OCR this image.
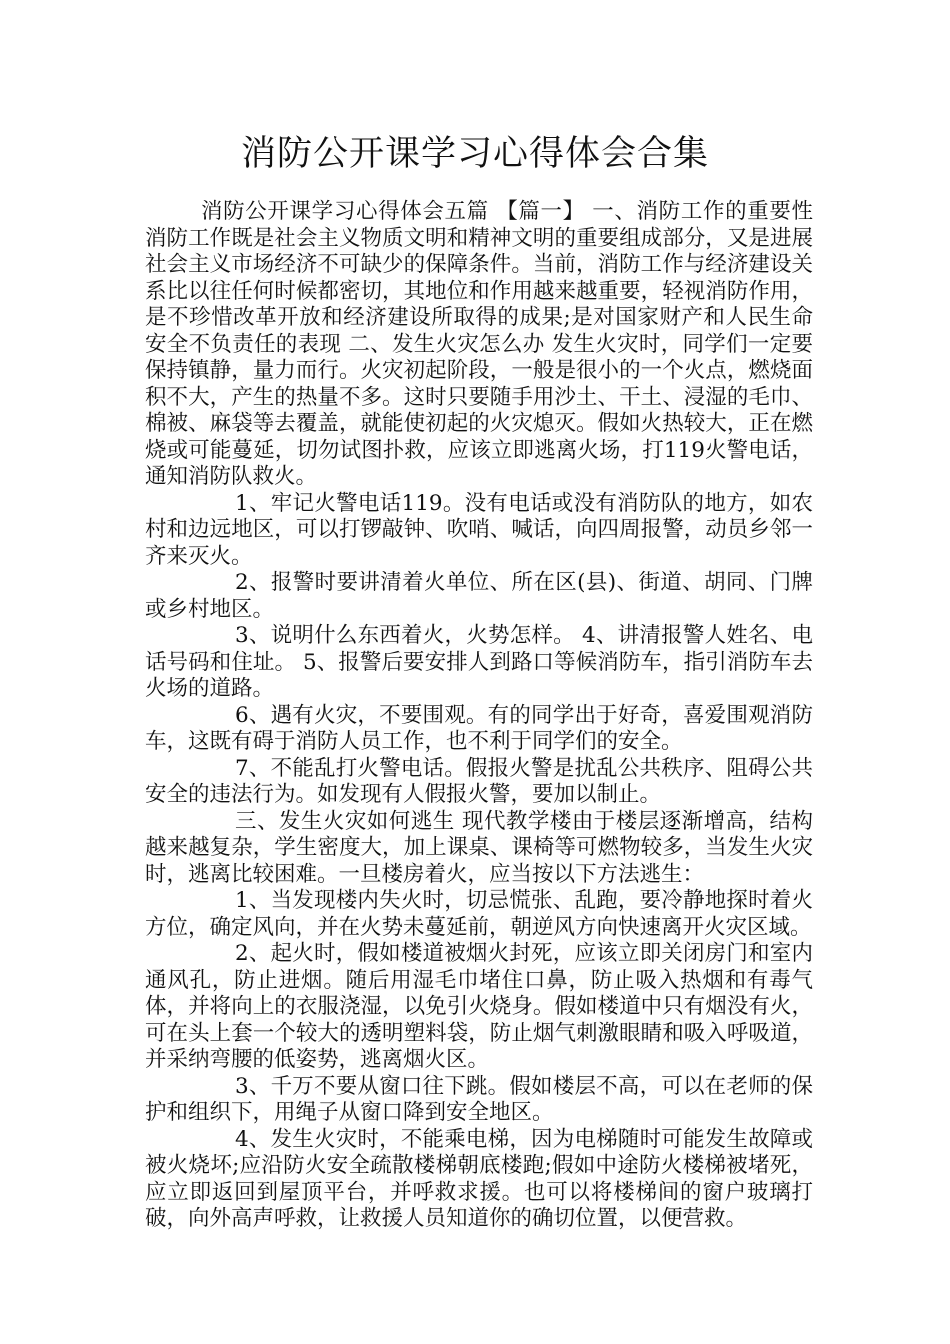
消防公开课学习心得体会合集

消防公开课学习心得体会五篇 【篇一】 一、消防工作的重要性 消防工作既是社会主义物质文明和精神文明的重要组成部分，又是进展社会主义市场经济不可缺少的保障条件。当前，消防工作与经济建设关系比以往任何时候都密切，其地位和作用越来越重要，轻视消防作用，是不珍惜改革开放和经济建设所取得的成果;是对国家财产和人民生命安全不负责任的表现 二、发生火灾怎么办 发生火灾时，同学们一定要保持镇静，量力而行。火灾初起阶段，一般是很小的一个火点，燃烧面积不大，产生的热量不多。这时只要随手用沙土、干土、浸湿的毛巾、棉被、麻袋等去覆盖，就能使初起的火灾熄灭。假如火热较大，正在燃烧或可能蔓延，切勿试图扑救，应该立即逃离火场，打119火警电话，通知消防队救火。

1、牢记火警电话119。没有电话或没有消防队的地方，如农村和边远地区，可以打锣敲钟、吹哨、喊话，向四周报警，动员乡邻一齐来灭火。

2、报警时要讲清着火单位、所在区(县)、街道、胡同、门牌或乡村地区。

3、说明什么东西着火，火势怎样。 4、讲清报警人姓名、电话号码和住址。 5、报警后要安排人到路口等候消防车，指引消防车去火场的道路。

6、遇有火灾，不要围观。有的同学出于好奇，喜爱围观消防车，这既有碍于消防人员工作，也不利于同学们的安全。

7、不能乱打火警电话。假报火警是扰乱公共秩序、阻碍公共安全的违法行为。如发现有人假报火警，要加以制止。

三、发生火灾如何逃生 现代教学楼由于楼层逐渐增高，结构越来越复杂，学生密度大，加上课桌、课椅等可燃物较多，当发生火灾时，逃离比较困难。一旦楼房着火，应当按以下方法逃生：

1、当发现楼内失火时，切忌慌张、乱跑，要冷静地探时着火方位，确定风向，并在火势未蔓延前，朝逆风方向快速离开火灾区域。

2、起火时，假如楼道被烟火封死，应该立即关闭房门和室内通风孔，防止进烟。随后用湿毛巾堵住口鼻，防止吸入热烟和有毒气体，并将向上的衣服浇湿，以免引火烧身。假如楼道中只有烟没有火，可在头上套一个较大的透明塑料袋，防止烟气刺激眼睛和吸入呼吸道，并采纳弯腰的低姿势，逃离烟火区。

3、千万不要从窗口往下跳。假如楼层不高，可以在老师的保护和组织下，用绳子从窗口降到安全地区。

4、发生火灾时，不能乘电梯，因为电梯随时可能发生故障或被火烧坏;应沿防火安全疏散楼梯朝底楼跑;假如中途防火楼梯被堵死，应立即返回到屋顶平台，并呼救求援。也可以将楼梯间的窗户玻璃打破，向外高声呼救，让救援人员知道你的确切位置，以便营救。
